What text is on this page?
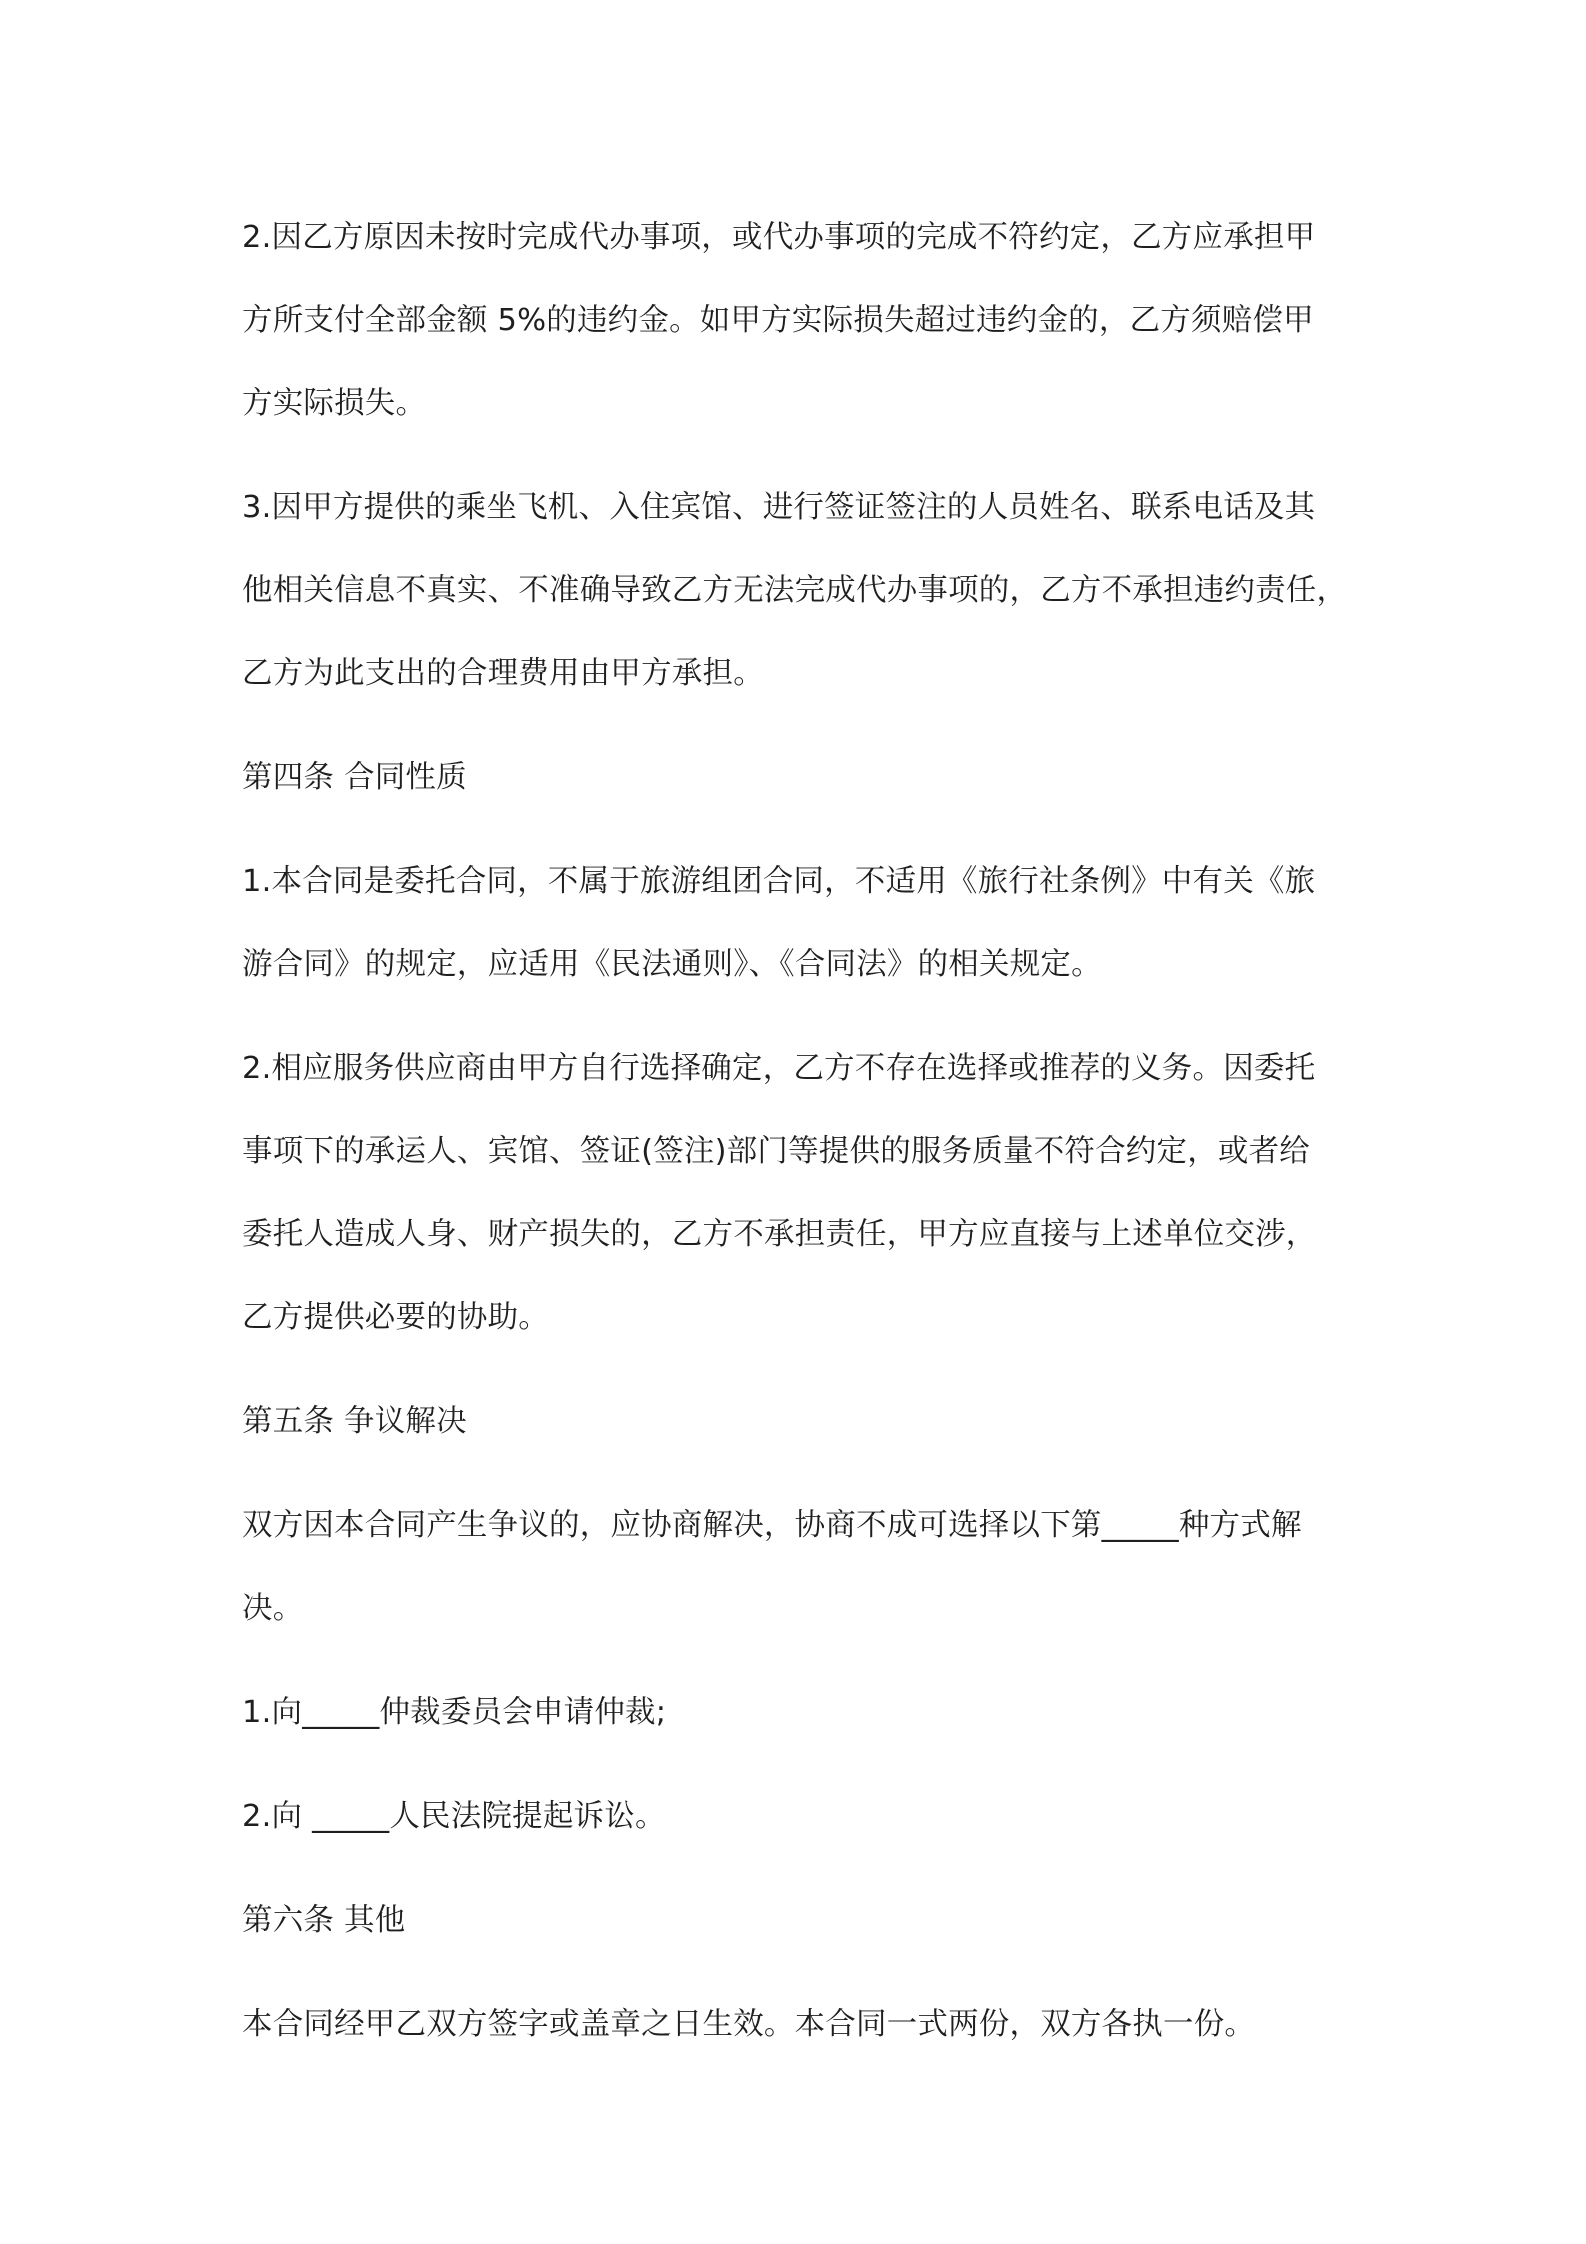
2.因乙方原因未按时完成代办事项，或代办事项的完成不符约定，乙方应承担甲
方所支付全部金额 5%的违约金。如甲方实际损失超过违约金的，乙方须赔偿甲
方实际损失。
3.因甲方提供的乘坐飞机、入住宾馆、进行签证签注的人员姓名、联系电话及其
他相关信息不真实、不准确导致乙方无法完成代办事项的，乙方不承担违约责任，
乙方为此支出的合理费用由甲方承担。
第四条 合同性质
1.本合同是委托合同，不属于旅游组团合同，不适用《旅行社条例》中有关《旅
游合同》的规定，应适用《民法通则》、《合同法》的相关规定。
2.相应服务供应商由甲方自行选择确定，乙方不存在选择或推荐的义务。因委托
事项下的承运人、宾馆、签证(签注)部门等提供的服务质量不符合约定，或者给
委托人造成人身、财产损失的，乙方不承担责任，甲方应直接与上述单位交涉，
乙方提供必要的协助。
第五条 争议解决
双方因本合同产生争议的，应协商解决，协商不成可选择以下第_____种方式解
决。
1.向_____仲裁委员会申请仲裁;
2.向 _____人民法院提起诉讼。
第六条 其他
本合同经甲乙双方签字或盖章之日生效。本合同一式两份，双方各执一份。
